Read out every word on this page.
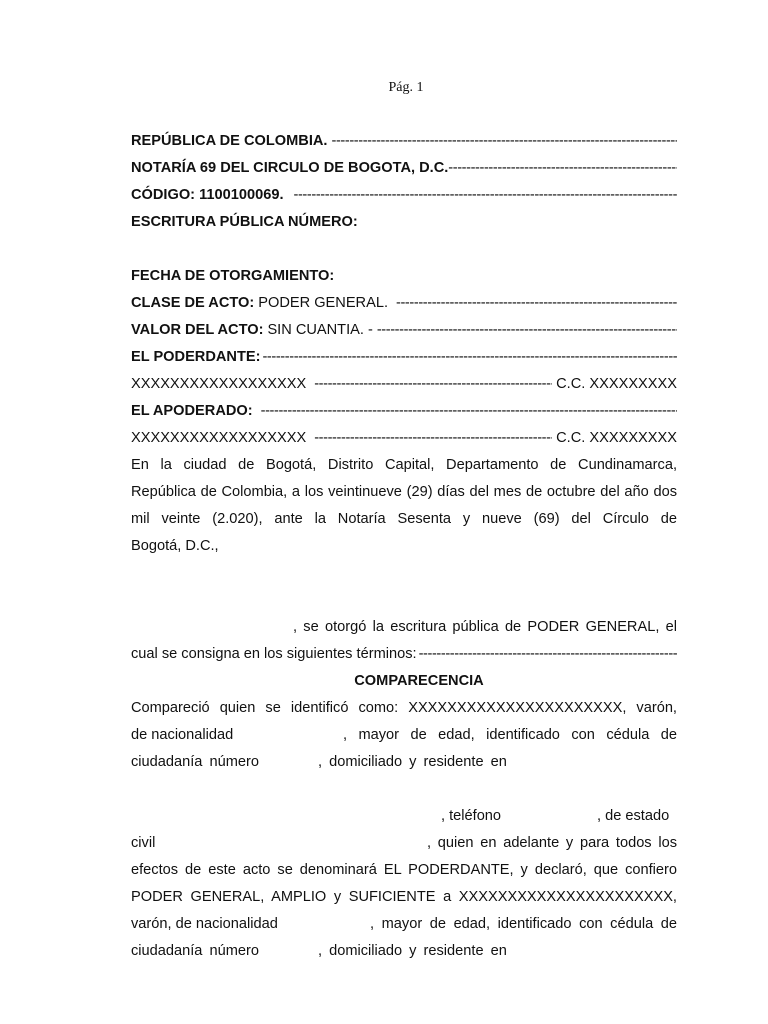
Pág. 1
REPÚBLICA DE COLOMBIA.
-----
NOTARÍA 69 DEL CIRCULO DE BOGOTA, D.C.
-----
CÓDIGO: 1100100069.
-----
ESCRITURA PÚBLICA NÚMERO:
FECHA DE OTORGAMIENTO:
CLASE DE ACTO: PODER GENERAL.
-----
VALOR DEL ACTO: SIN CUANTIA. -
-----
EL PODERDANTE:
-----
XXXXXXXXXXXXXXXXXX -----	C.C. XXXXXXXXX
EL APODERADO:
-----
XXXXXXXXXXXXXXXXXX -----	C.C. XXXXXXXXX
En la ciudad de Bogotá, Distrito Capital, Departamento de Cundinamarca, República de Colombia, a los veintinueve (29) días del mes de octubre del año dos mil veinte (2.020), ante la Notaría Sesenta y nueve (69) del Círculo de
Bogotá, D.C.,
, se otorgó la escritura pública de PODER GENERAL, el
cual se consigna en los siguientes términos:
-----
COMPARECENCIA
Compareció quien se identificó como: XXXXXXXXXXXXXXXXXXXXXX, varón,
de nacionalidad	, mayor de edad, identificado con cédula de
ciudadanía número	, domiciliado y residente en
, teléfono	, de estado
civil	, quien en adelante y para todos los
efectos de este acto se denominará EL PODERDANTE, y declaró, que confiero PODER GENERAL, AMPLIO y SUFICIENTE a XXXXXXXXXXXXXXXXXXXXXX,
varón, de nacionalidad	, mayor de edad, identificado con cédula de
ciudadanía número	, domiciliado y residente en
